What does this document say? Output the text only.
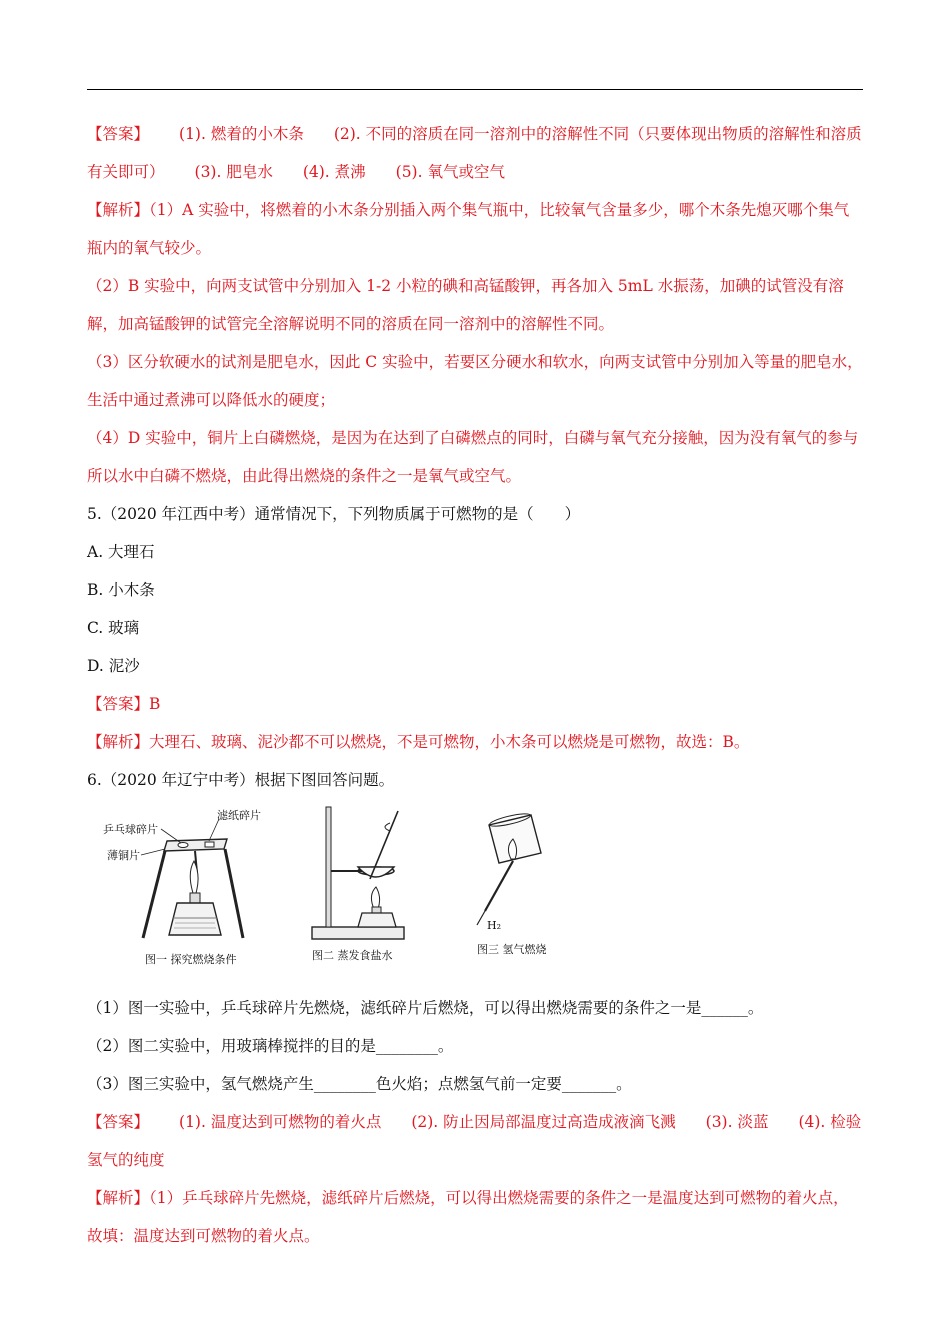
【答案】 (1). 燃着的小木条 (2). 不同的溶质在同一溶剂中的溶解性不同（只要体现出物质的溶解性和溶质有关即可） (3). 肥皂水 (4). 煮沸 (5). 氧气或空气

【解析】（1）A 实验中，将燃着的小木条分别插入两个集气瓶中，比较氧气含量多少，哪个木条先熄灭哪个集气瓶内的氧气较少。

（2）B 实验中，向两支试管中分别加入 1-2 小粒的碘和高锰酸钾，再各加入 5mL 水振荡，加碘的试管没有溶解，加高锰酸钾的试管完全溶解说明不同的溶质在同一溶剂中的溶解性不同。

（3）区分软硬水的试剂是肥皂水，因此 C 实验中，若要区分硬水和软水，向两支试管中分别加入等量的肥皂水，生活中通过煮沸可以降低水的硬度；

（4）D 实验中，铜片上白磷燃烧，是因为在达到了白磷燃点的同时，白磷与氧气充分接触，因为没有氧气的参与所以水中白磷不燃烧，由此得出燃烧的条件之一是氧气或空气。

5.（2020 年江西中考）通常情况下，下列物质属于可燃物的是（　　）

A. 大理石

B. 小木条

C. 玻璃

D. 泥沙

【答案】B

【解析】大理石、玻璃、泥沙都不可以燃烧，不是可燃物，小木条可以燃烧是可燃物，故选：B。

6.（2020 年辽宁中考）根据下图回答问题。

乒乓球碎片
滤纸碎片
薄铜片
图一 探究燃烧条件	图二 蒸发食盐水
H₂
图三 氢气燃烧

（1）图一实验中，乒乓球碎片先燃烧，滤纸碎片后燃烧，可以得出燃烧需要的条件之一是______。

（2）图二实验中，用玻璃棒搅拌的目的是________。

（3）图三实验中，氢气燃烧产生________色火焰；点燃氢气前一定要_______。

【答案】 (1). 温度达到可燃物的着火点 (2). 防止因局部温度过高造成液滴飞溅 (3). 淡蓝 (4). 检验氢气的纯度

【解析】（1）乒乓球碎片先燃烧，滤纸碎片后燃烧，可以得出燃烧需要的条件之一是温度达到可燃物的着火点，故填：温度达到可燃物的着火点。
